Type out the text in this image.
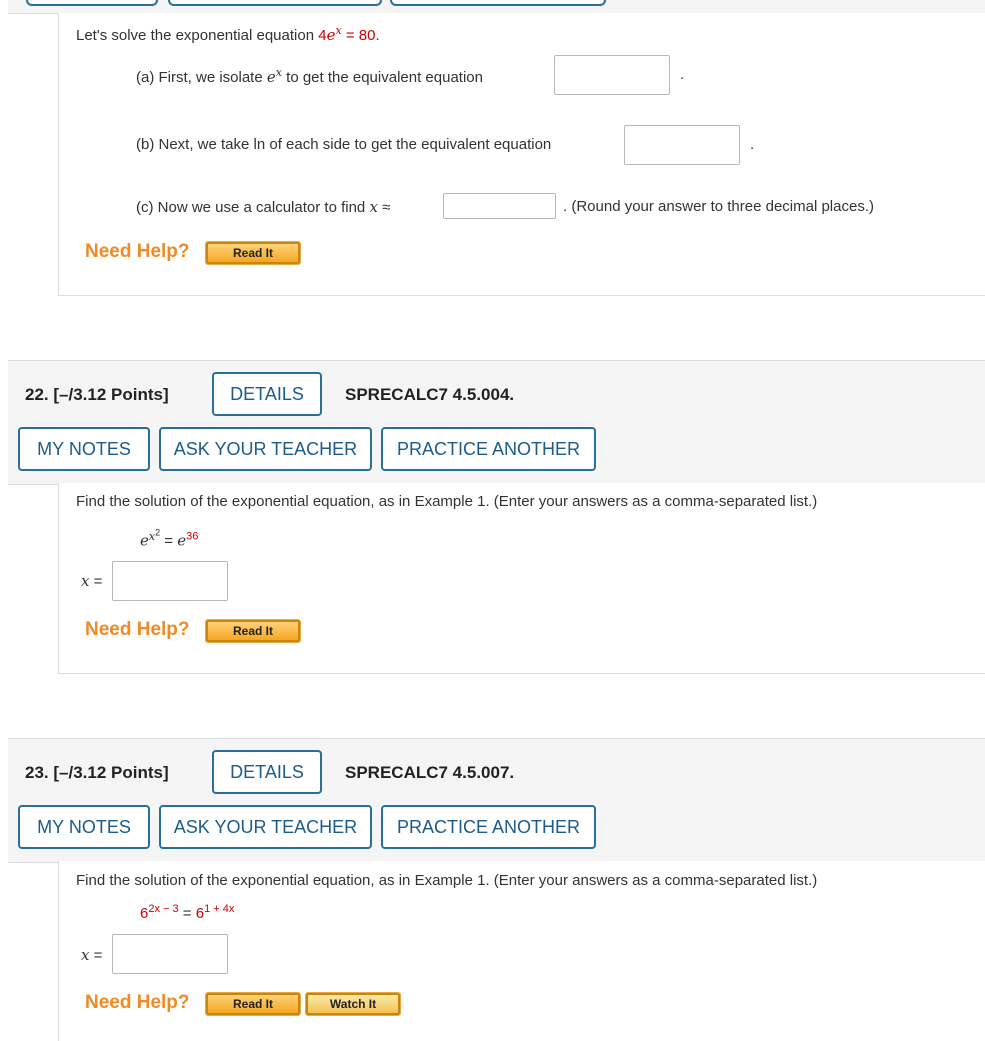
Let's solve the exponential equation $4e^x = 80$.
(a) First, we isolate $e^x$ to get the equivalent equation	.
(b) Next, we take ln of each side to get the equivalent equation	.
(c) Now we use a calculator to find x ≈	. (Round your answer to three decimal places.)
Need Help?	Read It
22. [–/3.12 Points]	DETAILS	SPRECALC7 4.5.004.
MY NOTES	ASK YOUR TEACHER	PRACTICE ANOTHER
Find the solution of the exponential equation, as in Example 1. (Enter your answers as a comma-separated list.)
$e^{x^2} = e^{36}$
x =
Need Help?	Read It
23. [–/3.12 Points]	DETAILS	SPRECALC7 4.5.007.
MY NOTES	ASK YOUR TEACHER	PRACTICE ANOTHER
Find the solution of the exponential equation, as in Example 1. (Enter your answers as a comma-separated list.)
$6^{2x - 3} = 6^{1 + 4x}$
x =
Need Help?	Read It	Watch It
